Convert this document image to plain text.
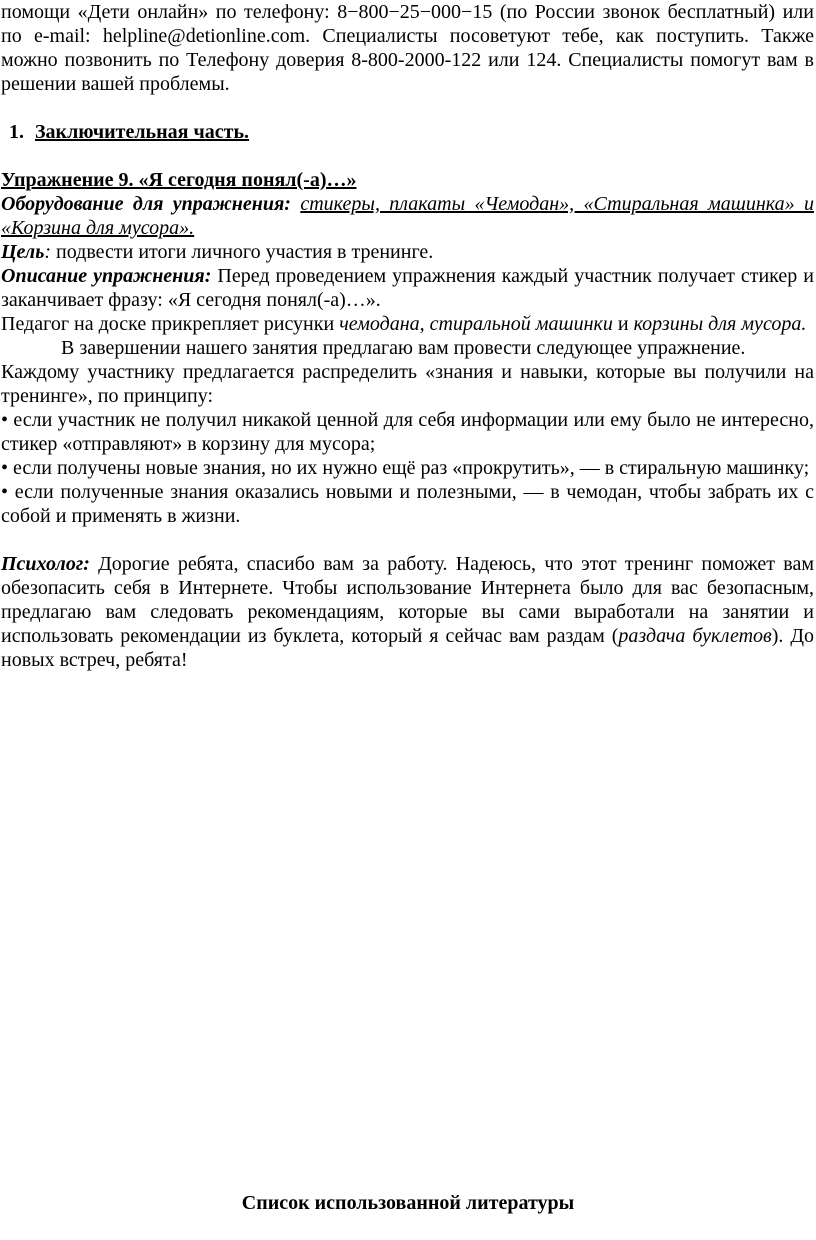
помощи «Дети онлайн» по телефону: 8−800−25−000−15 (по России звонок бесплатный) или по e-mail: helpline@detionline.com. Специалисты посоветуют тебе, как поступить. Также можно позвонить по Телефону доверия 8-800-2000-122 или 124. Специалисты помогут вам в решении вашей проблемы.

1. Заключительная часть.

Упражнение 9. «Я сегодня понял(-а)…»

Оборудование для упражнения: стикеры, плакаты «Чемодан», «Стиральная машинка» и «Корзина для мусора».

Цель: подвести итоги личного участия в тренинге.

Описание упражнения: Перед проведением упражнения каждый участник получает стикер и заканчивает фразу: «Я сегодня понял(-а)…».

Педагог на доске прикрепляет рисунки чемодана, стиральной машинки и корзины для мусора.

В завершении нашего занятия предлагаю вам провести следующее упражнение.

Каждому участнику предлагается распределить «знания и навыки, которые вы получили на тренинге», по принципу:

• если участник не получил никакой ценной для себя информации или ему было не интересно, стикер «отправляют» в корзину для мусора;

• если получены новые знания, но их нужно ещё раз «прокрутить», — в стиральную машинку;

• если полученные знания оказались новыми и полезными, — в чемодан, чтобы забрать их с собой и применять в жизни.

Психолог: Дорогие ребята, спасибо вам за работу. Надеюсь, что этот тренинг поможет вам обезопасить себя в Интернете. Чтобы использование Интернета было для вас безопасным, предлагаю вам следовать рекомендациям, которые вы сами выработали на занятии и использовать рекомендации из буклета, который я сейчас вам раздам (раздача буклетов). До новых встреч, ребята!

Список использованной литературы
